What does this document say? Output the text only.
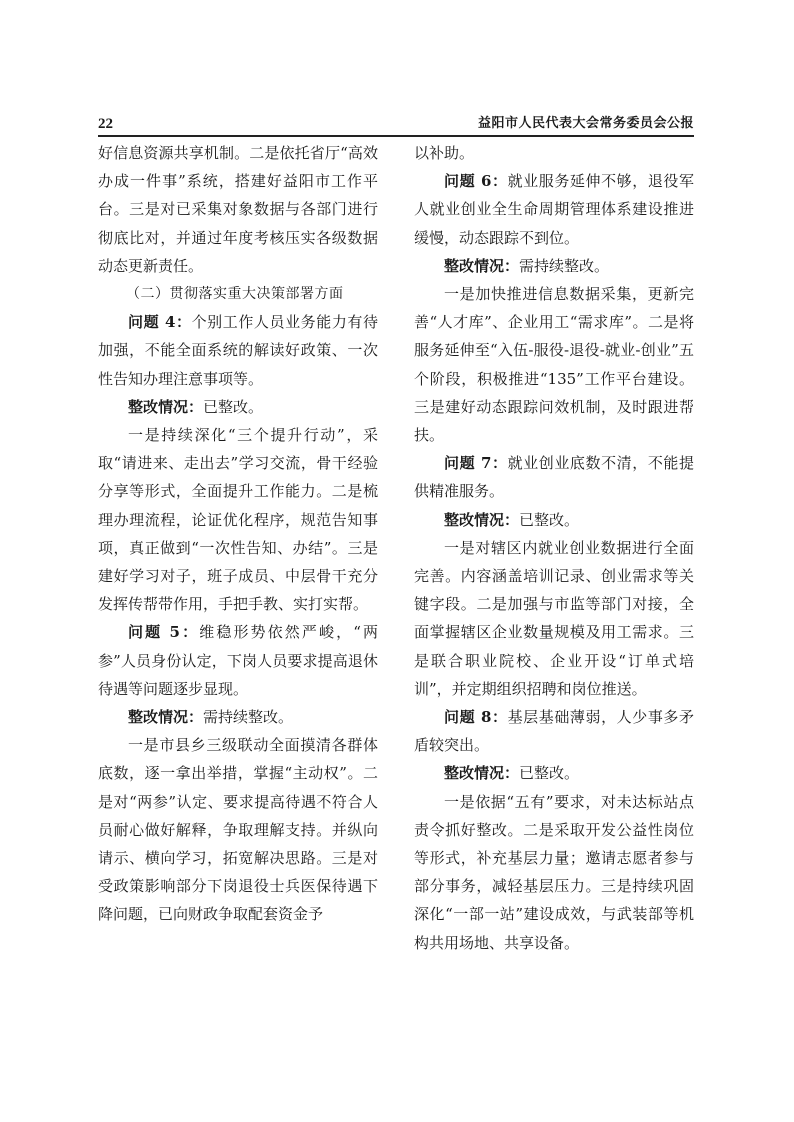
22	益阳市人民代表大会常务委员会公报

好信息资源共享机制。二是依托省厅“高效办成一件事”系统，搭建好益阳市工作平台。三是对已采集对象数据与各部门进行彻底比对，并通过年度考核压实各级数据动态更新责任。

（二）贯彻落实重大决策部署方面

问题 4：个别工作人员业务能力有待加强，不能全面系统的解读好政策、一次性告知办理注意事项等。

整改情况：已整改。

一是持续深化“三个提升行动”，采取“请进来、走出去”学习交流，骨干经验分享等形式，全面提升工作能力。二是梳理办理流程，论证优化程序，规范告知事项，真正做到“一次性告知、办结”。三是建好学习对子，班子成员、中层骨干充分发挥传帮带作用，手把手教、实打实帮。

问题 5：维稳形势依然严峻，“两参”人员身份认定，下岗人员要求提高退休待遇等问题逐步显现。

整改情况：需持续整改。

一是市县乡三级联动全面摸清各群体底数，逐一拿出举措，掌握“主动权”。二是对“两参”认定、要求提高待遇不符合人员耐心做好解释，争取理解支持。并纵向请示、横向学习，拓宽解决思路。三是对受政策影响部分下岗退役士兵医保待遇下降问题，已向财政争取配套资金予

以补助。

问题 6：就业服务延伸不够，退役军人就业创业全生命周期管理体系建设推进缓慢，动态跟踪不到位。

整改情况：需持续整改。

一是加快推进信息数据采集，更新完善“人才库”、企业用工“需求库”。二是将服务延伸至“入伍-服役-退役-就业-创业”五个阶段，积极推进“135”工作平台建设。三是建好动态跟踪问效机制，及时跟进帮扶。

问题 7：就业创业底数不清，不能提供精准服务。

整改情况：已整改。

一是对辖区内就业创业数据进行全面完善。内容涵盖培训记录、创业需求等关键字段。二是加强与市监等部门对接，全面掌握辖区企业数量规模及用工需求。三是联合职业院校、企业开设“订单式培训”，并定期组织招聘和岗位推送。

问题 8：基层基础薄弱，人少事多矛盾较突出。

整改情况：已整改。

一是依据“五有”要求，对未达标站点责令抓好整改。二是采取开发公益性岗位等形式，补充基层力量；邀请志愿者参与部分事务，减轻基层压力。三是持续巩固深化“一部一站”建设成效，与武装部等机构共用场地、共享设备。
